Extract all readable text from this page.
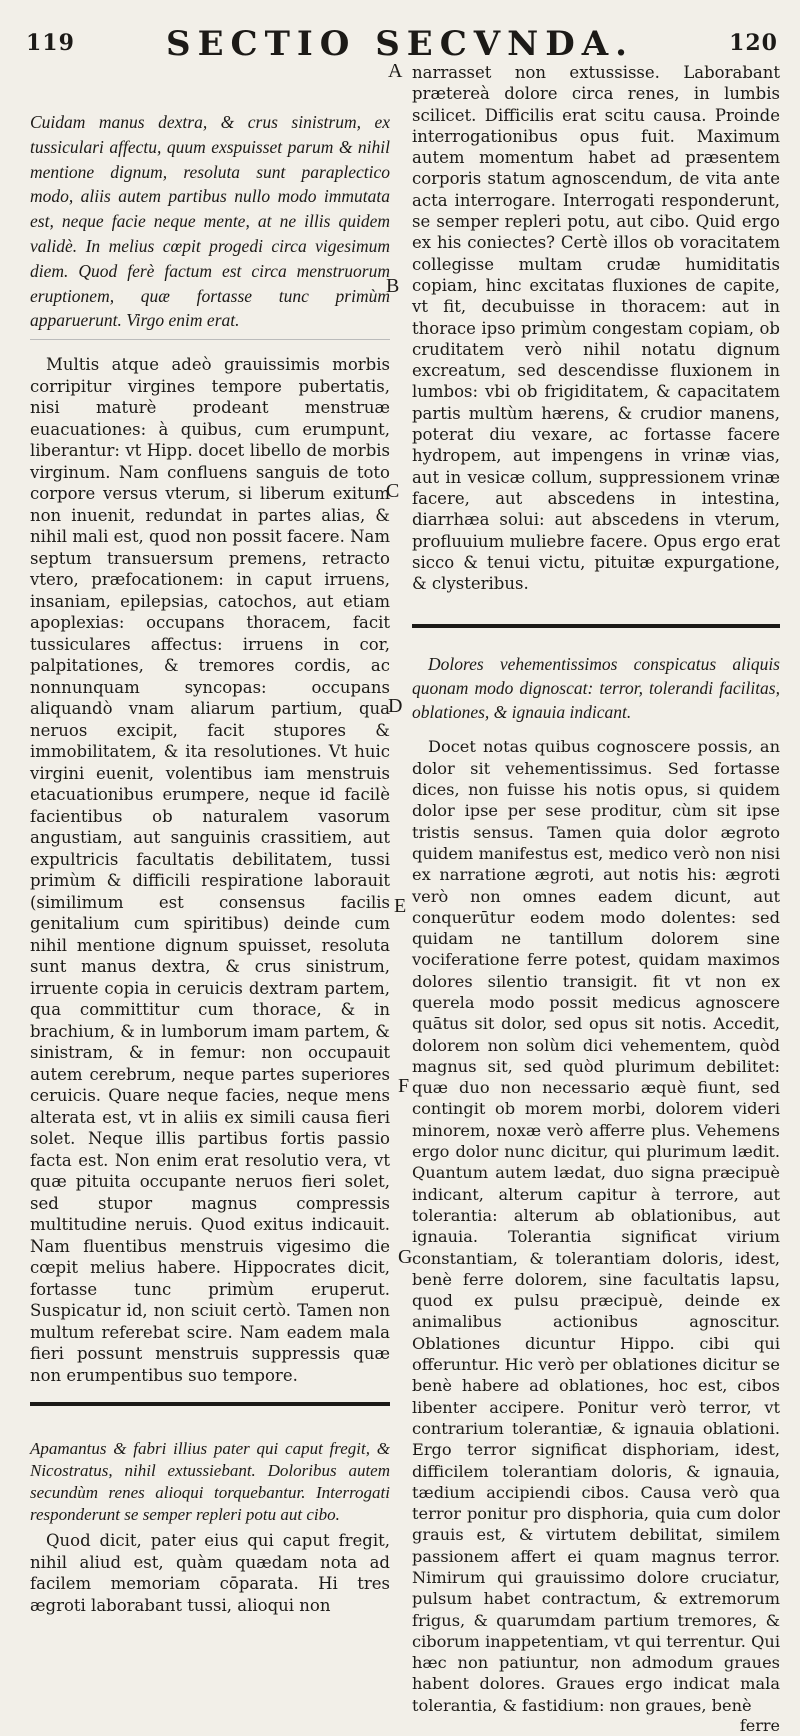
119	SECTIO SECVNDA.	120

Cuidam manus dextra, & crus sinistrum, ex tussiculari affectu, quum exspuisset parum & nihil mentione dignum, resoluta sunt paraplectico modo, aliis autem partibus nullo modo immutata est, neque facie neque mente, at ne illis quidem validè. In melius cœpit progedi circa vigesimum diem. Quod ferè factum est circa menstruorum eruptionem, quæ fortasse tunc primùm apparuerunt. Virgo enim erat.

Multis atque adeò grauissimis morbis corripitur virgines tempore pubertatis, nisi maturè prodeant menstruæ euacuationes: à quibus, cum erumpunt, liberantur: vt Hipp. docet libello de morbis virginum. Nam confluens sanguis de toto corpore versus vterum, si liberum exitum non inuenit, redundat in partes alias, & nihil mali est, quod non possit facere. Nam septum transuersum premens, retracto vtero, præfocationem: in caput irruens, insaniam, epilepsias, catochos, aut etiam apoplexias: occupans thoracem, facit tussiculares affectus: irruens in cor, palpitationes, & tremores cordis, ac nonnunquam syncopas: occupans aliquandò vnam aliarum partium, qua neruos excipit, facit stupores & immobilitatem, & ita resolutiones. Vt huic virgini euenit, volentibus iam menstruis etacuationibus erumpere, neque id facilè facientibus ob naturalem vasorum angustiam, aut sanguinis crassitiem, aut expultricis facultatis debilitatem, tussi primùm & difficili respiratione laborauit (similimum est consensus facilis genitalium cum spiritibus) deinde cum nihil mentione dignum spuisset, resoluta sunt manus dextra, & crus sinistrum, irruente copia in ceruicis dextram partem, qua committitur cum thorace, & in brachium, & in lumborum imam partem, & sinistram, & in femur: non occupauit autem cerebrum, neque partes superiores ceruicis. Quare neque facies, neque mens alterata est, vt in aliis ex simili causa fieri solet. Neque illis partibus fortis passio facta est. Non enim erat resolutio vera, vt quæ pituita occupante neruos fieri solet, sed stupor magnus compressis multitudine neruis. Quod exitus indicauit. Nam fluentibus menstruis vigesimo die cœpit melius habere. Hippocrates dicit, fortasse tunc primùm eruperut. Suspicatur id, non sciuit certò. Tamen non multum referebat scire. Nam eadem mala fieri possunt menstruis suppressis quæ non erumpentibus suo tempore.

Apamantus & fabri illius pater qui caput fregit, & Nicostratus, nihil extussiebant. Doloribus autem secundùm renes alioqui torquebantur. Interrogati responderunt se semper repleri potu aut cibo.

Quod dicit, pater eius qui caput fregit, nihil aliud est, quàm quædam nota ad facilem memoriam cōparata. Hi tres ægroti laborabant tussi, alioqui non

A
B
C
D
E
F
G

narrasset non extussisse. Laborabant prætereà dolore circa renes, in lumbis scilicet. Difficilis erat scitu causa. Proinde interrogationibus opus fuit. Maximum autem momentum habet ad præsentem corporis statum agnoscendum, de vita ante acta interrogare. Interrogati responderunt, se semper repleri potu, aut cibo. Quid ergo ex his coniectes? Certè illos ob voracitatem collegisse multam crudæ humiditatis copiam, hinc excitatas fluxiones de capite, vt fit, decubuisse in thoracem: aut in thorace ipso primùm congestam copiam, ob cruditatem verò nihil notatu dignum excreatum, sed descendisse fluxionem in lumbos: vbi ob frigiditatem, & capacitatem partis multùm hærens, & crudior manens, poterat diu vexare, ac fortasse facere hydropem, aut impengens in vrinæ vias, aut in vesicæ collum, suppressionem vrinæ facere, aut abscedens in intestina, diarrhæa solui: aut abscedens in vterum, profluuium muliebre facere. Opus ergo erat sicco & tenui victu, pituitæ expurgatione, & clysteribus.

Dolores vehementissimos conspicatus aliquis quonam modo dignoscat: terror, tolerandi facilitas, oblationes, & ignauia indicant.

Docet notas quibus cognoscere possis, an dolor sit vehementissimus. Sed fortasse dices, non fuisse his notis opus, si quidem dolor ipse per sese proditur, cùm sit ipse tristis sensus. Tamen quia dolor ægroto quidem manifestus est, medico verò non nisi ex narratione ægroti, aut notis his: ægroti verò non omnes eadem dicunt, aut conquerūtur eodem modo dolentes: sed quidam ne tantillum dolorem sine vociferatione ferre potest, quidam maximos dolores silentio transigit. fit vt non ex querela modo possit medicus agnoscere quātus sit dolor, sed opus sit notis. Accedit, dolorem non solùm dici vehementem, quòd magnus sit, sed quòd plurimum debilitet: quæ duo non necessario æquè fiunt, sed contingit ob morem morbi, dolorem videri minorem, noxæ verò afferre plus. Vehemens ergo dolor nunc dicitur, qui plurimum lædit. Quantum autem lædat, duo signa præcipuè indicant, alterum capitur à terrore, aut tolerantia: alterum ab oblationibus, aut ignauia. Tolerantia significat virium constantiam, & tolerantiam doloris, idest, benè ferre dolorem, sine facultatis lapsu, quod ex pulsu præcipuè, deinde ex animalibus actionibus agnoscitur. Oblationes dicuntur Hippo. cibi qui offeruntur. Hic verò per oblationes dicitur se benè habere ad oblationes, hoc est, cibos libenter accipere. Ponitur verò terror, vt contrarium tolerantiæ, & ignauia oblationi. Ergo terror significat disphoriam, idest, difficilem tolerantiam doloris, & ignauia, tædium accipiendi cibos. Causa verò qua terror ponitur pro disphoria, quia cum dolor grauis est, & virtutem debilitat, similem passionem affert ei quam magnus terror. Nimirum qui grauissimo dolore cruciatur, pulsum habet contractum, & extremorum frigus, & quarumdam partium tremores, & ciborum inappetentiam, vt qui terrentur. Qui hæc non patiuntur, non admodum graues habent dolores. Graues ergo indicat mala tolerantia, & fastidium: non graues, benè

ferre
